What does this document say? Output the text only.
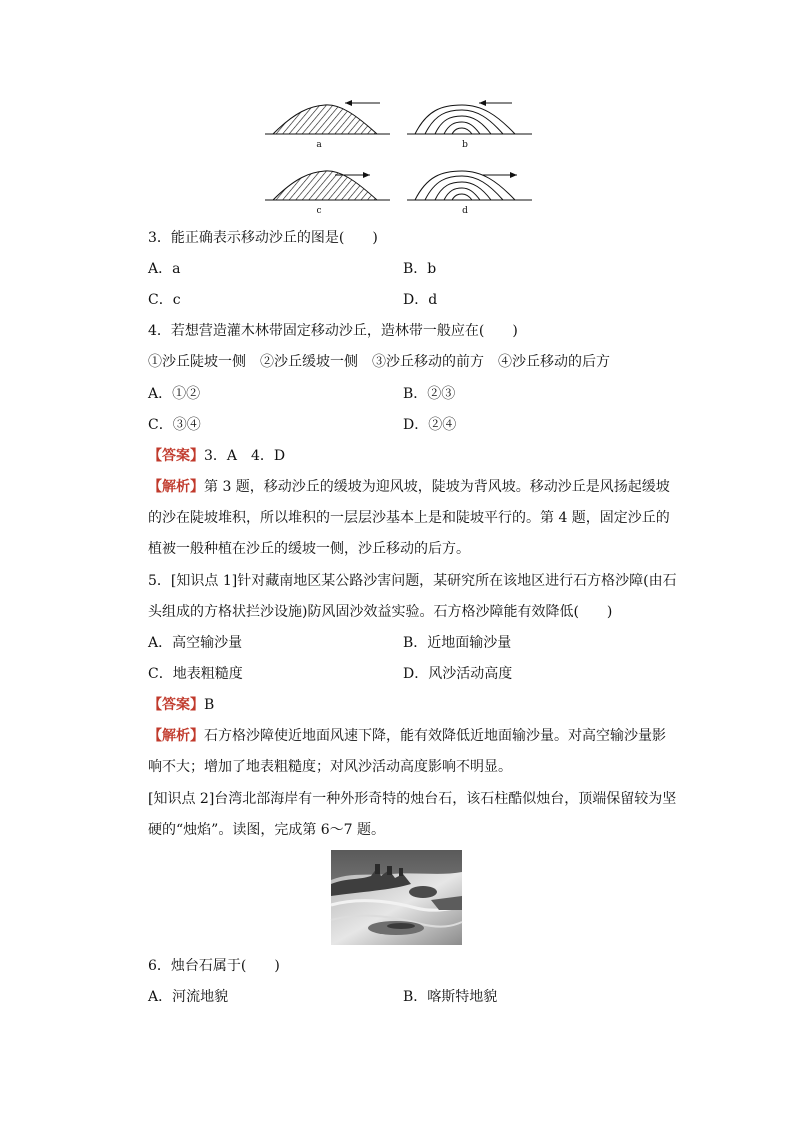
a	b
c	d
3．能正确表示移动沙丘的图是(　　)
A．a	B．b
C．c	D．d
4．若想营造灌木林带固定移动沙丘，造林带一般应在(　　)
①沙丘陡坡一侧　②沙丘缓坡一侧　③沙丘移动的前方　④沙丘移动的后方
A．①②	B．②③
C．③④	D．②④
【答案】3．A　4．D
【解析】第 3 题，移动沙丘的缓坡为迎风坡，陡坡为背风坡。移动沙丘是风扬起缓坡的沙在陡坡堆积，所以堆积的一层层沙基本上是和陡坡平行的。第 4 题，固定沙丘的植被一般种植在沙丘的缓坡一侧，沙丘移动的后方。
5．[知识点 1]针对藏南地区某公路沙害问题，某研究所在该地区进行石方格沙障(由石头组成的方格状拦沙设施)防风固沙效益实验。石方格沙障能有效降低(　　)
A．高空输沙量	B．近地面输沙量
C．地表粗糙度	D．风沙活动高度
【答案】B
【解析】石方格沙障使近地面风速下降，能有效降低近地面输沙量。对高空输沙量影响不大；增加了地表粗糙度；对风沙活动高度影响不明显。
[知识点 2]台湾北部海岸有一种外形奇特的烛台石，该石柱酷似烛台，顶端保留较为坚硬的“烛焰”。读图，完成第 6～7 题。
6．烛台石属于(　　)
A．河流地貌	B．喀斯特地貌
